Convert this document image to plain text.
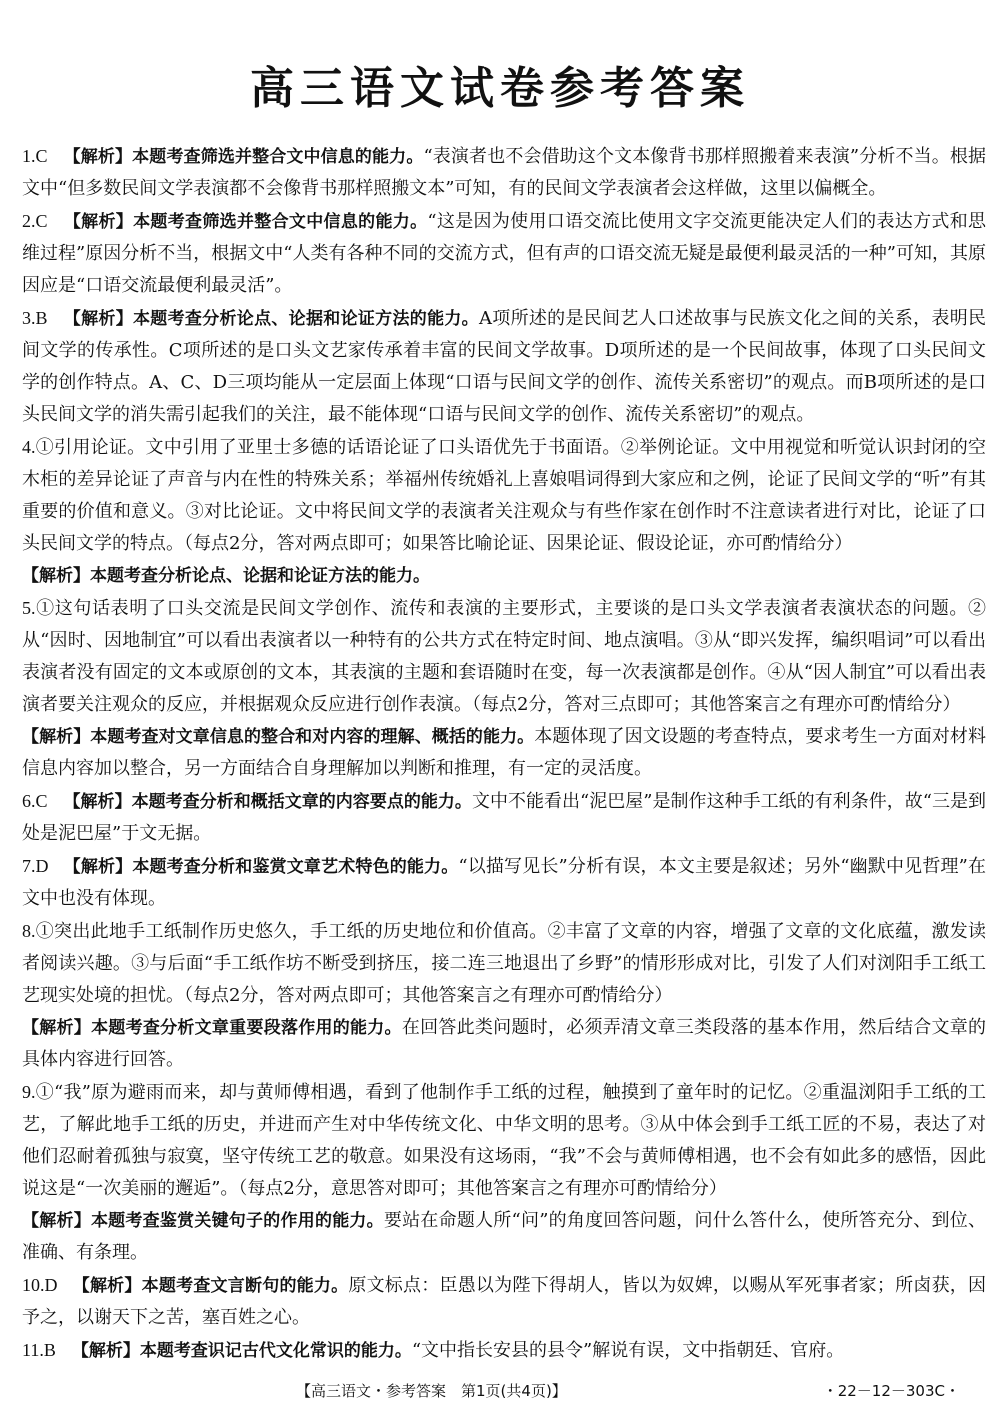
高三语文试卷参考答案

1.C 【解析】本题考查筛选并整合文中信息的能力。“表演者也不会借助这个文本像背书那样照搬着来表演”分析不当。根据文中“但多数民间文学表演都不会像背书那样照搬文本”可知，有的民间文学表演者会这样做，这里以偏概全。

2.C 【解析】本题考查筛选并整合文中信息的能力。“这是因为使用口语交流比使用文字交流更能决定人们的表达方式和思维过程”原因分析不当，根据文中“人类有各种不同的交流方式，但有声的口语交流无疑是最便利最灵活的一种”可知，其原因应是“口语交流最便利最灵活”。

3.B 【解析】本题考查分析论点、论据和论证方法的能力。A项所述的是民间艺人口述故事与民族文化之间的关系，表明民间文学的传承性。C项所述的是口头文艺家传承着丰富的民间文学故事。D项所述的是一个民间故事，体现了口头民间文学的创作特点。A、C、D三项均能从一定层面上体现“口语与民间文学的创作、流传关系密切”的观点。而B项所述的是口头民间文学的消失需引起我们的关注，最不能体现“口语与民间文学的创作、流传关系密切”的观点。

4.①引用论证。文中引用了亚里士多德的话语论证了口头语优先于书面语。②举例论证。文中用视觉和听觉认识封闭的空木柜的差异论证了声音与内在性的特殊关系；举福州传统婚礼上喜娘唱词得到大家应和之例，论证了民间文学的“听”有其重要的价值和意义。③对比论证。文中将民间文学的表演者关注观众与有些作家在创作时不注意读者进行对比，论证了口头民间文学的特点。（每点2分，答对两点即可；如果答比喻论证、因果论证、假设论证，亦可酌情给分）

【解析】本题考查分析论点、论据和论证方法的能力。

5.①这句话表明了口头交流是民间文学创作、流传和表演的主要形式，主要谈的是口头文学表演者表演状态的问题。②从“因时、因地制宜”可以看出表演者以一种特有的公共方式在特定时间、地点演唱。③从“即兴发挥，编织唱词”可以看出表演者没有固定的文本或原创的文本，其表演的主题和套语随时在变，每一次表演都是创作。④从“因人制宜”可以看出表演者要关注观众的反应，并根据观众反应进行创作表演。（每点2分，答对三点即可；其他答案言之有理亦可酌情给分）

【解析】本题考查对文章信息的整合和对内容的理解、概括的能力。本题体现了因文设题的考查特点，要求考生一方面对材料信息内容加以整合，另一方面结合自身理解加以判断和推理，有一定的灵活度。

6.C 【解析】本题考查分析和概括文章的内容要点的能力。文中不能看出“泥巴屋”是制作这种手工纸的有利条件，故“三是到处是泥巴屋”于文无据。

7.D 【解析】本题考查分析和鉴赏文章艺术特色的能力。“以描写见长”分析有误，本文主要是叙述；另外“幽默中见哲理”在文中也没有体现。

8.①突出此地手工纸制作历史悠久，手工纸的历史地位和价值高。②丰富了文章的内容，增强了文章的文化底蕴，激发读者阅读兴趣。③与后面“手工纸作坊不断受到挤压，接二连三地退出了乡野”的情形形成对比，引发了人们对浏阳手工纸工艺现实处境的担忧。（每点2分，答对两点即可；其他答案言之有理亦可酌情给分）

【解析】本题考查分析文章重要段落作用的能力。在回答此类问题时，必须弄清文章三类段落的基本作用，然后结合文章的具体内容进行回答。

9.①“我”原为避雨而来，却与黄师傅相遇，看到了他制作手工纸的过程，触摸到了童年时的记忆。②重温浏阳手工纸的工艺，了解此地手工纸的历史，并进而产生对中华传统文化、中华文明的思考。③从中体会到手工纸工匠的不易，表达了对他们忍耐着孤独与寂寞，坚守传统工艺的敬意。如果没有这场雨，“我”不会与黄师傅相遇，也不会有如此多的感悟，因此说这是“一次美丽的邂逅”。（每点2分，意思答对即可；其他答案言之有理亦可酌情给分）

【解析】本题考查鉴赏关键句子的作用的能力。要站在命题人所“问”的角度回答问题，问什么答什么，使所答充分、到位、准确、有条理。

10.D 【解析】本题考查文言断句的能力。原文标点：臣愚以为陛下得胡人，皆以为奴婢，以赐从军死事者家；所卤获，因予之，以谢天下之苦，塞百姓之心。

11.B 【解析】本题考查识记古代文化常识的能力。“文中指长安县的县令”解说有误，文中指朝廷、官府。

【高三语文・参考答案　第1页(共4页)】	・22－12－303C・
